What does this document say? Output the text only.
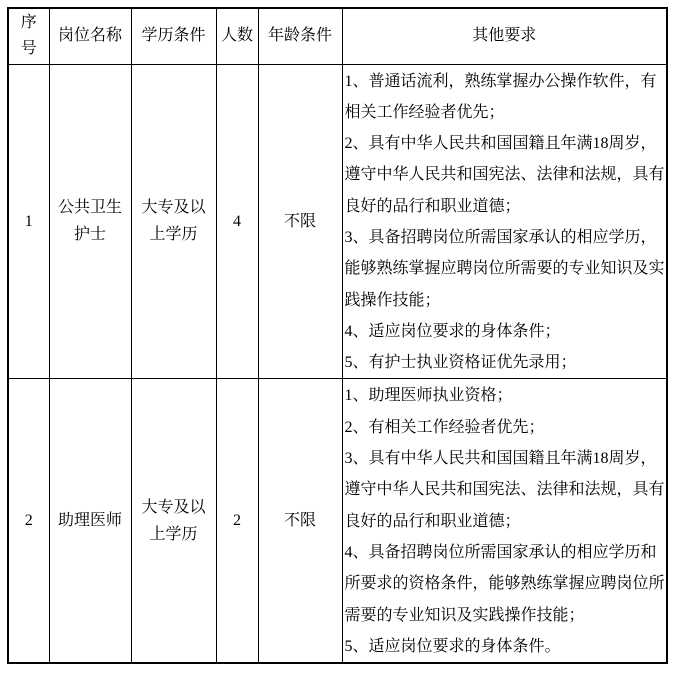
序号	岗位名称	学历条件	人数	年龄条件	其他要求
1	公共卫生护士	大专及以上学历	4	不限	1、普通话流利，熟练掌握办公操作软件，有相关工作经验者优先；

2、具有中华人民共和国国籍且年满18周岁，遵守中华人民共和国宪法、法律和法规，具有良好的品行和职业道德；

3、具备招聘岗位所需国家承认的相应学历，能够熟练掌握应聘岗位所需要的专业知识及实践操作技能；

4、适应岗位要求的身体条件；

5、有护士执业资格证优先录用；

2	助理医师	大专及以上学历	2	不限	1、助理医师执业资格；

2、有相关工作经验者优先；

3、具有中华人民共和国国籍且年满18周岁，遵守中华人民共和国宪法、法律和法规，具有良好的品行和职业道德；

4、具备招聘岗位所需国家承认的相应学历和所要求的资格条件，能够熟练掌握应聘岗位所需要的专业知识及实践操作技能；

5、适应岗位要求的身体条件。
